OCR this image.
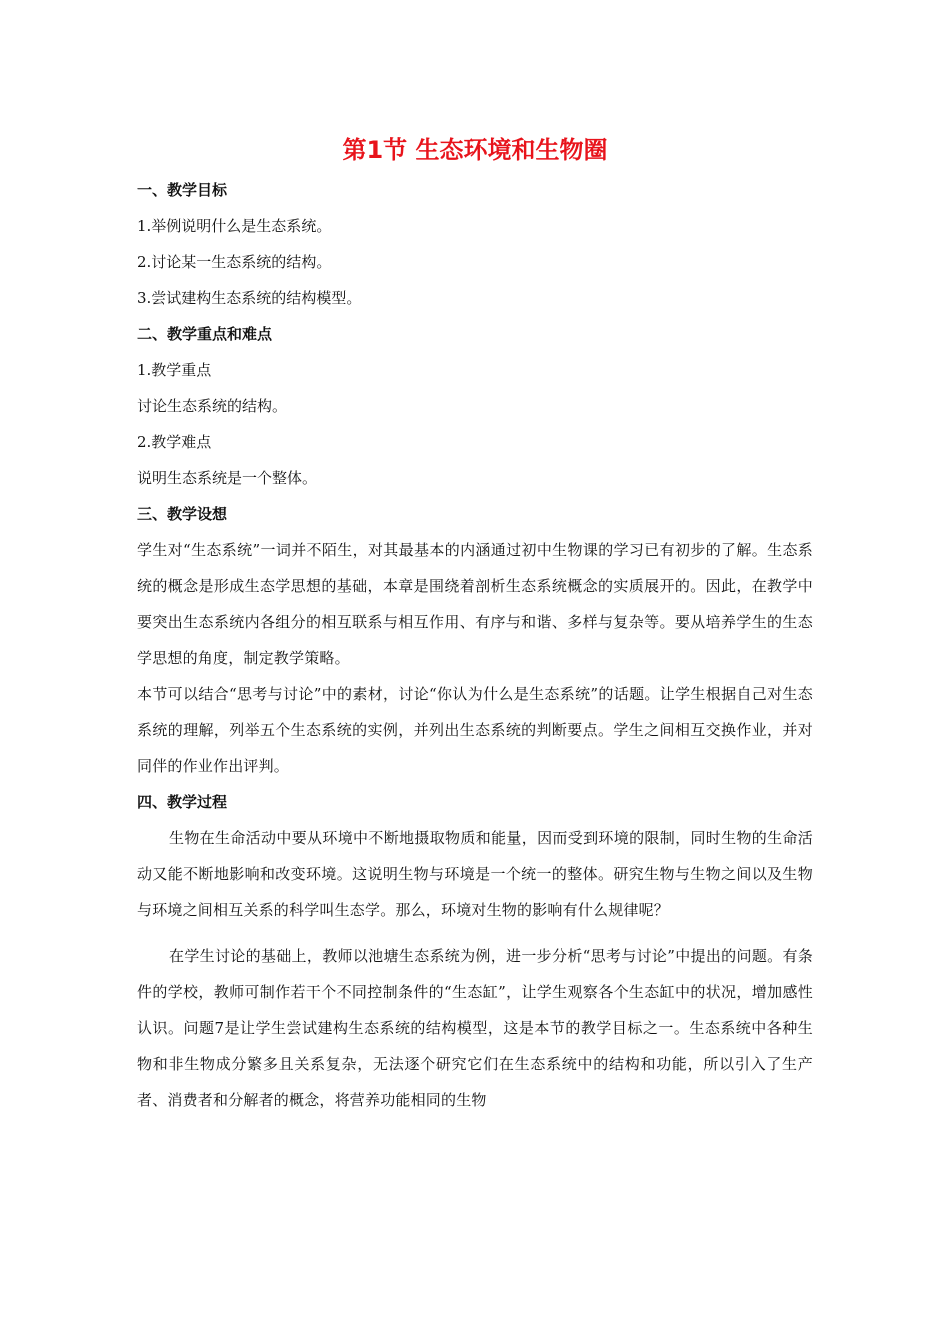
第1节 生态环境和生物圈

一、教学目标

1.举例说明什么是生态系统。

2.讨论某一生态系统的结构。

3.尝试建构生态系统的结构模型。

二、教学重点和难点

1.教学重点

讨论生态系统的结构。

2.教学难点

说明生态系统是一个整体。

三、教学设想

学生对“生态系统”一词并不陌生，对其最基本的内涵通过初中生物课的学习已有初步的了解。生态系统的概念是形成生态学思想的基础，本章是围绕着剖析生态系统概念的实质展开的。因此，在教学中要突出生态系统内各组分的相互联系与相互作用、有序与和谐、多样与复杂等。要从培养学生的生态学思想的角度，制定教学策略。

本节可以结合“思考与讨论”中的素材，讨论“你认为什么是生态系统”的话题。让学生根据自己对生态系统的理解，列举五个生态系统的实例，并列出生态系统的判断要点。学生之间相互交换作业，并对同伴的作业作出评判。

四、教学过程

生物在生命活动中要从环境中不断地摄取物质和能量，因而受到环境的限制，同时生物的生命活动又能不断地影响和改变环境。这说明生物与环境是一个统一的整体。研究生物与生物之间以及生物与环境之间相互关系的科学叫生态学。那么，环境对生物的影响有什么规律呢？

在学生讨论的基础上，教师以池塘生态系统为例，进一步分析“思考与讨论”中提出的问题。有条件的学校，教师可制作若干个不同控制条件的“生态缸”，让学生观察各个生态缸中的状况，增加感性认识。问题7是让学生尝试建构生态系统的结构模型，这是本节的教学目标之一。生态系统中各种生物和非生物成分繁多且关系复杂，无法逐个研究它们在生态系统中的结构和功能，所以引入了生产者、消费者和分解者的概念，将营养功能相同的生物
